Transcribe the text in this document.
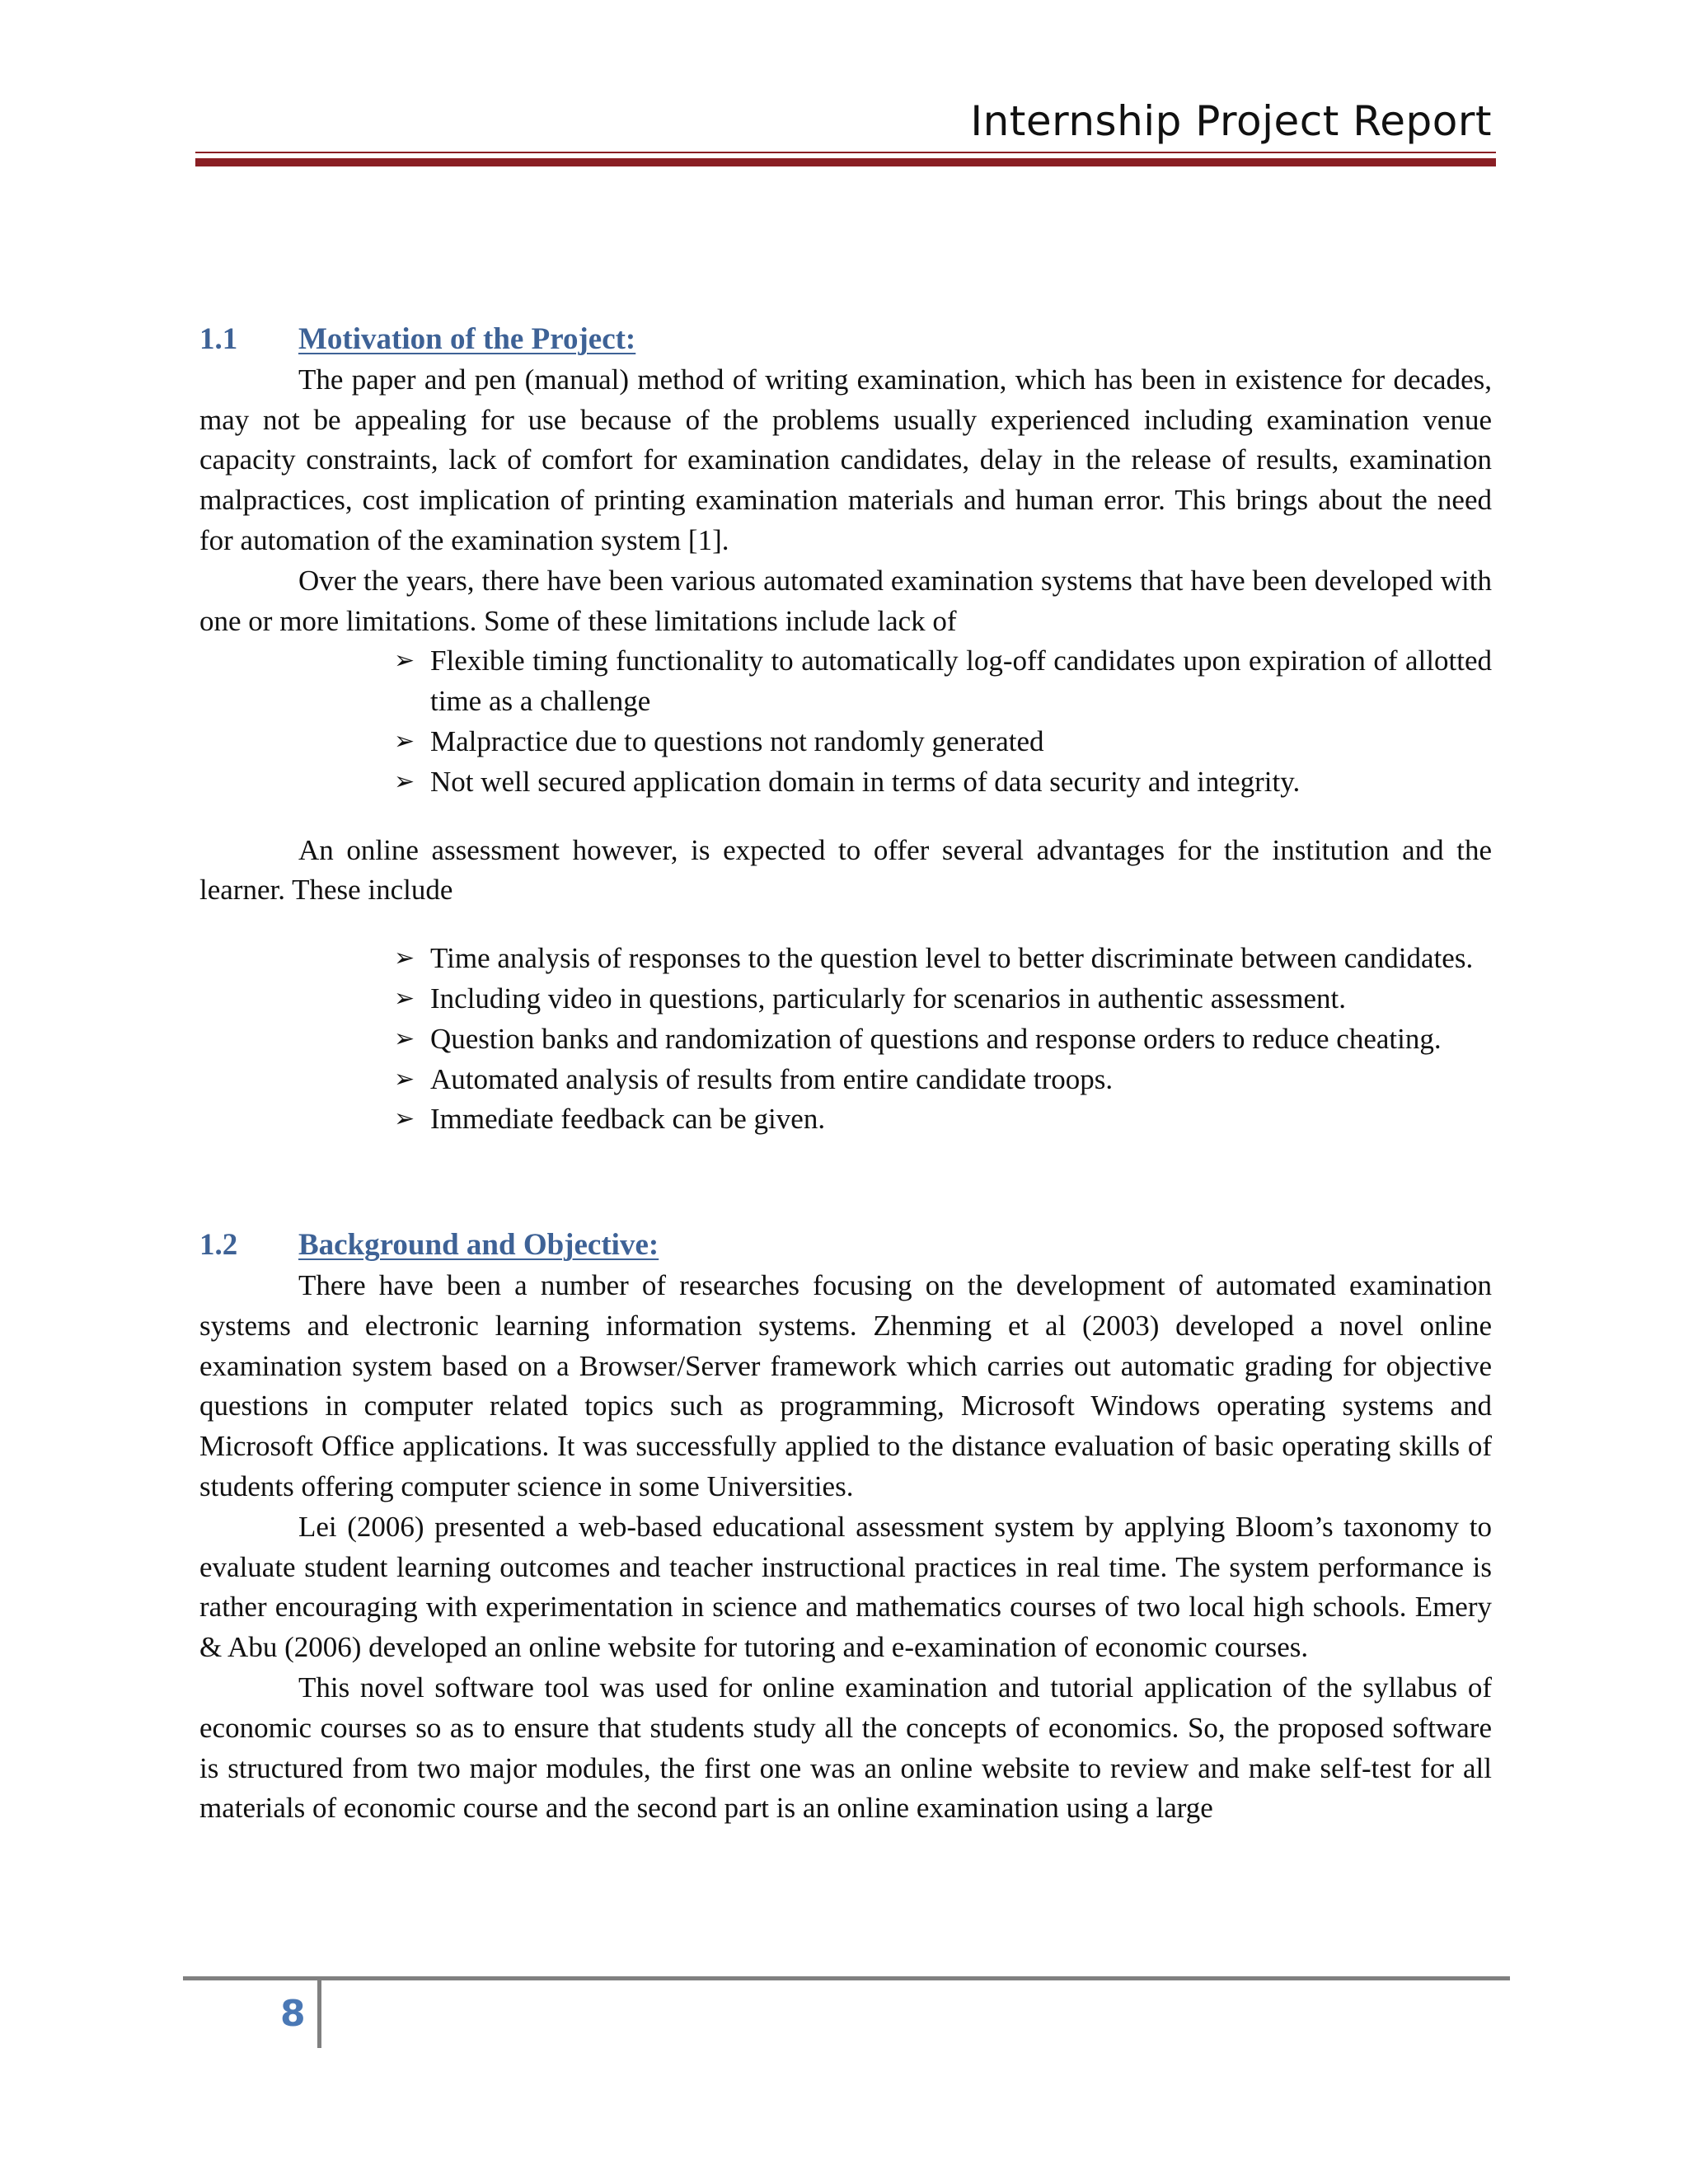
Internship Project Report
1.1	Motivation of the Project:

The paper and pen (manual) method of writing examination, which has been in existence for decades, may not be appealing for use because of the problems usually experienced including examination venue capacity constraints, lack of comfort for examination candidates, delay in the release of results, examination malpractices, cost implication of printing examination materials and human error. This brings about the need for automation of the examination system [1].

Over the years, there have been various automated examination systems that have been developed with one or more limitations. Some of these limitations include lack of

➢ Flexible timing functionality to automatically log-off candidates upon expiration of allotted time as a challenge
➢ Malpractice due to questions not randomly generated
➢ Not well secured application domain in terms of data security and integrity.

An online assessment however, is expected to offer several advantages for the institution and the learner. These include

➢ Time analysis of responses to the question level to better discriminate between candidates.
➢ Including video in questions, particularly for scenarios in authentic assessment.
➢ Question banks and randomization of questions and response orders to reduce cheating.
➢ Automated analysis of results from entire candidate troops.
➢ Immediate feedback can be given.
1.2	Background and Objective:

There have been a number of researches focusing on the development of automated examination systems and electronic learning information systems. Zhenming et al (2003) developed a novel online examination system based on a Browser/Server framework which carries out automatic grading for objective questions in computer related topics such as programming, Microsoft Windows operating systems and Microsoft Office applications. It was successfully applied to the distance evaluation of basic operating skills of students offering computer science in some Universities.

Lei (2006) presented a web-based educational assessment system by applying Bloom’s taxonomy to evaluate student learning outcomes and teacher instructional practices in real time. The system performance is rather encouraging with experimentation in science and mathematics courses of two local high schools. Emery & Abu (2006) developed an online website for tutoring and e-examination of economic courses.

This novel software tool was used for online examination and tutorial application of the syllabus of economic courses so as to ensure that students study all the concepts of economics. So, the proposed software is structured from two major modules, the first one was an online website to review and make self-test for all materials of economic course and the second part is an online examination using a large

8
